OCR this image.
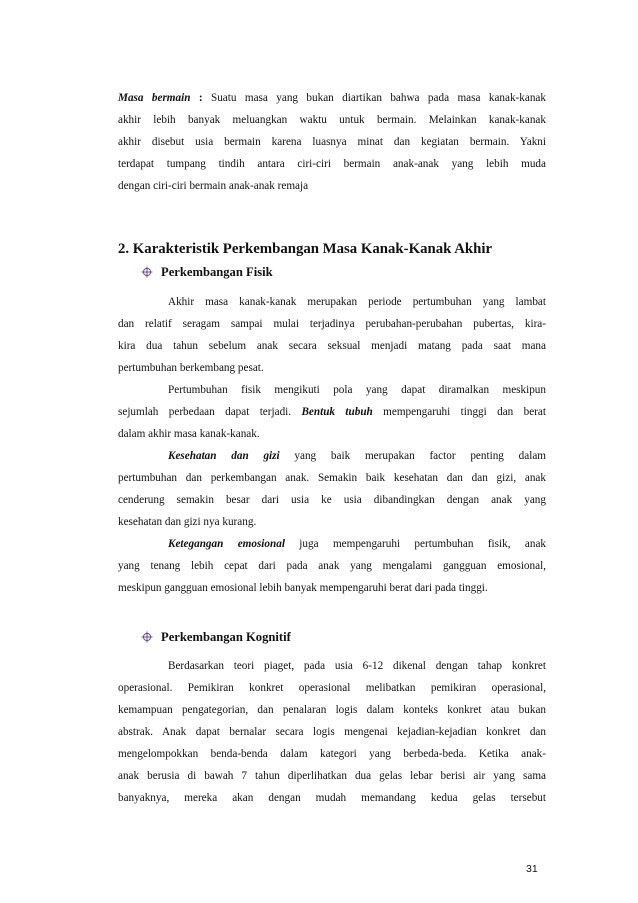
Masa bermain : Suatu masa yang bukan diartikan bahwa pada masa kanak-kanak
akhir lebih banyak meluangkan waktu untuk bermain. Melainkan kanak-kanak
akhir disebut usia bermain karena luasnya minat dan kegiatan bermain. Yakni
terdapat tumpang tindih antara ciri-ciri bermain anak-anak yang lebih muda
dengan ciri-ciri bermain anak-anak remaja
2. Karakteristik Perkembangan Masa Kanak-Kanak Akhir
Perkembangan Fisik
Akhir masa kanak-kanak merupakan periode pertumbuhan yang lambat
dan relatif seragam sampai mulai terjadinya perubahan-perubahan pubertas, kira-
kira dua tahun sebelum anak secara seksual menjadi matang pada saat mana
pertumbuhan berkembang pesat.
Pertumbuhan fisik mengikuti pola yang dapat diramalkan meskipun
sejumlah perbedaan dapat terjadi. Bentuk tubuh mempengaruhi tinggi dan berat
dalam akhir masa kanak-kanak.
Kesehatan dan gizi yang baik merupakan factor penting dalam
pertumbuhan dan perkembangan anak. Semakin baik kesehatan dan dan gizi, anak
cenderung semakin besar dari usia ke usia dibandingkan dengan anak yang
kesehatan dan gizi nya kurang.
Ketegangan emosional juga mempengaruhi pertumbuhan fisik, anak
yang tenang lebih cepat dari pada anak yang mengalami gangguan emosional,
meskipun gangguan emosional lebih banyak mempengaruhi berat dari pada tinggi.
Perkembangan Kognitif
Berdasarkan teori piaget, pada usia 6-12 dikenal dengan tahap konkret
operasional. Pemikiran konkret operasional melibatkan pemikiran operasional,
kemampuan pengategorian, dan penalaran logis dalam konteks konkret atau bukan
abstrak. Anak dapat bernalar secara logis mengenai kejadian-kejadian konkret dan
mengelompokkan benda-benda dalam kategori yang berbeda-beda. Ketika anak-
anak berusia di bawah 7 tahun diperlihatkan dua gelas lebar berisi air yang sama
banyaknya, mereka akan dengan mudah memandang kedua gelas tersebut
31
